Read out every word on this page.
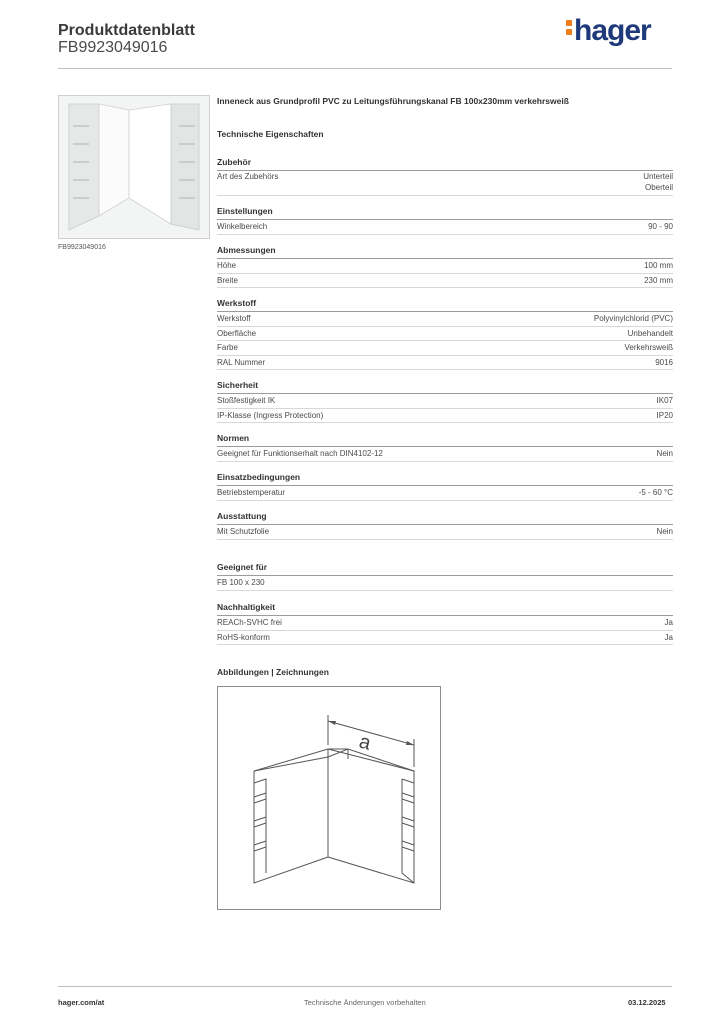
Produktdatenblatt
FB9923049016
hager
FB9923049016
Inneneck aus Grundprofil PVC zu Leitungsführungskanal FB 100x230mm verkehrsweiß
Technische Eigenschaften
Zubehör
Art des Zubehörs	Unterteil
Oberteil
Einstellungen
Winkelbereich	90 - 90
Abmessungen
Höhe	100 mm
Breite	230 mm
Werkstoff
Werkstoff	Polyvinylchlorid (PVC)
Oberfläche	Unbehandelt
Farbe	Verkehrsweiß
RAL Nummer	9016
Sicherheit
Stoßfestigkeit IK	IK07
IP-Klasse (Ingress Protection)	IP20
Normen
Geeignet für Funktionserhalt nach DIN4102-12	Nein
Einsatzbedingungen
Betriebstemperatur	-5 - 60 °C
Ausstattung
Mit Schutzfolie	Nein
Geeignet für
FB 100 x 230
Nachhaltigkeit
REACh-SVHC frei	Ja
RoHS-konform	Ja
Abbildungen | Zeichnungen
a
hager.com/at	Technische Änderungen vorbehalten	03.12.2025
